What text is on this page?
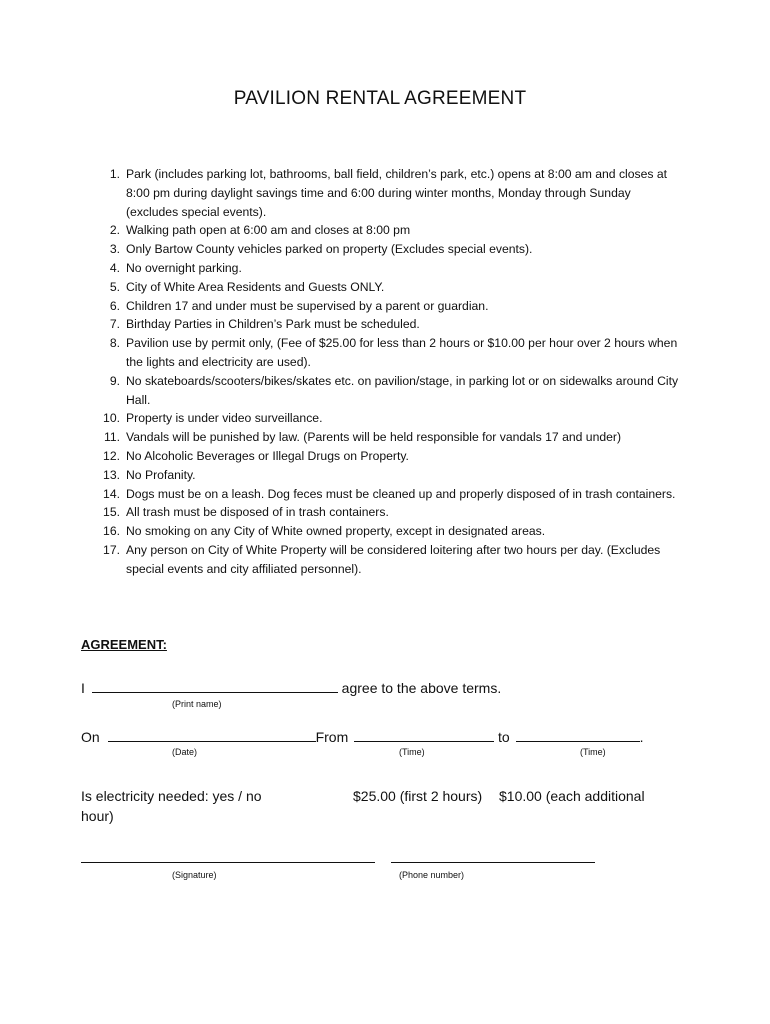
PAVILION RENTAL AGREEMENT
1. Park (includes parking lot, bathrooms, ball field, children’s park, etc.) opens at 8:00 am and closes at 8:00 pm during daylight savings time and 6:00 during winter months, Monday through Sunday (excludes special events).
2. Walking path open at 6:00 am and closes at 8:00 pm
3. Only Bartow County vehicles parked on property (Excludes special events).
4. No overnight parking.
5. City of White Area Residents and Guests ONLY.
6. Children 17 and under must be supervised by a parent or guardian.
7. Birthday Parties in Children’s Park must be scheduled.
8. Pavilion use by permit only, (Fee of $25.00 for less than 2 hours or $10.00 per hour over 2 hours when the lights and electricity are used).
9. No skateboards/scooters/bikes/skates etc. on pavilion/stage, in parking lot or on sidewalks around City Hall.
10. Property is under video surveillance.
11. Vandals will be punished by law. (Parents will be held responsible for vandals 17 and under)
12. No Alcoholic Beverages or Illegal Drugs on Property.
13. No Profanity.
14. Dogs must be on a leash. Dog feces must be cleaned up and properly disposed of in trash containers.
15. All trash must be disposed of in trash containers.
16. No smoking on any City of White owned property, except in designated areas.
17. Any person on City of White Property will be considered loitering after two hours per day. (Excludes special events and city affiliated personnel).
AGREEMENT:
I	agree to the above terms.
(Print name)
On	From	to	.
(Date)	(Time)	(Time)
Is electricity needed: yes / no	$25.00 (first 2 hours) $10.00 (each additional
hour)
(Signature)	(Phone number)
